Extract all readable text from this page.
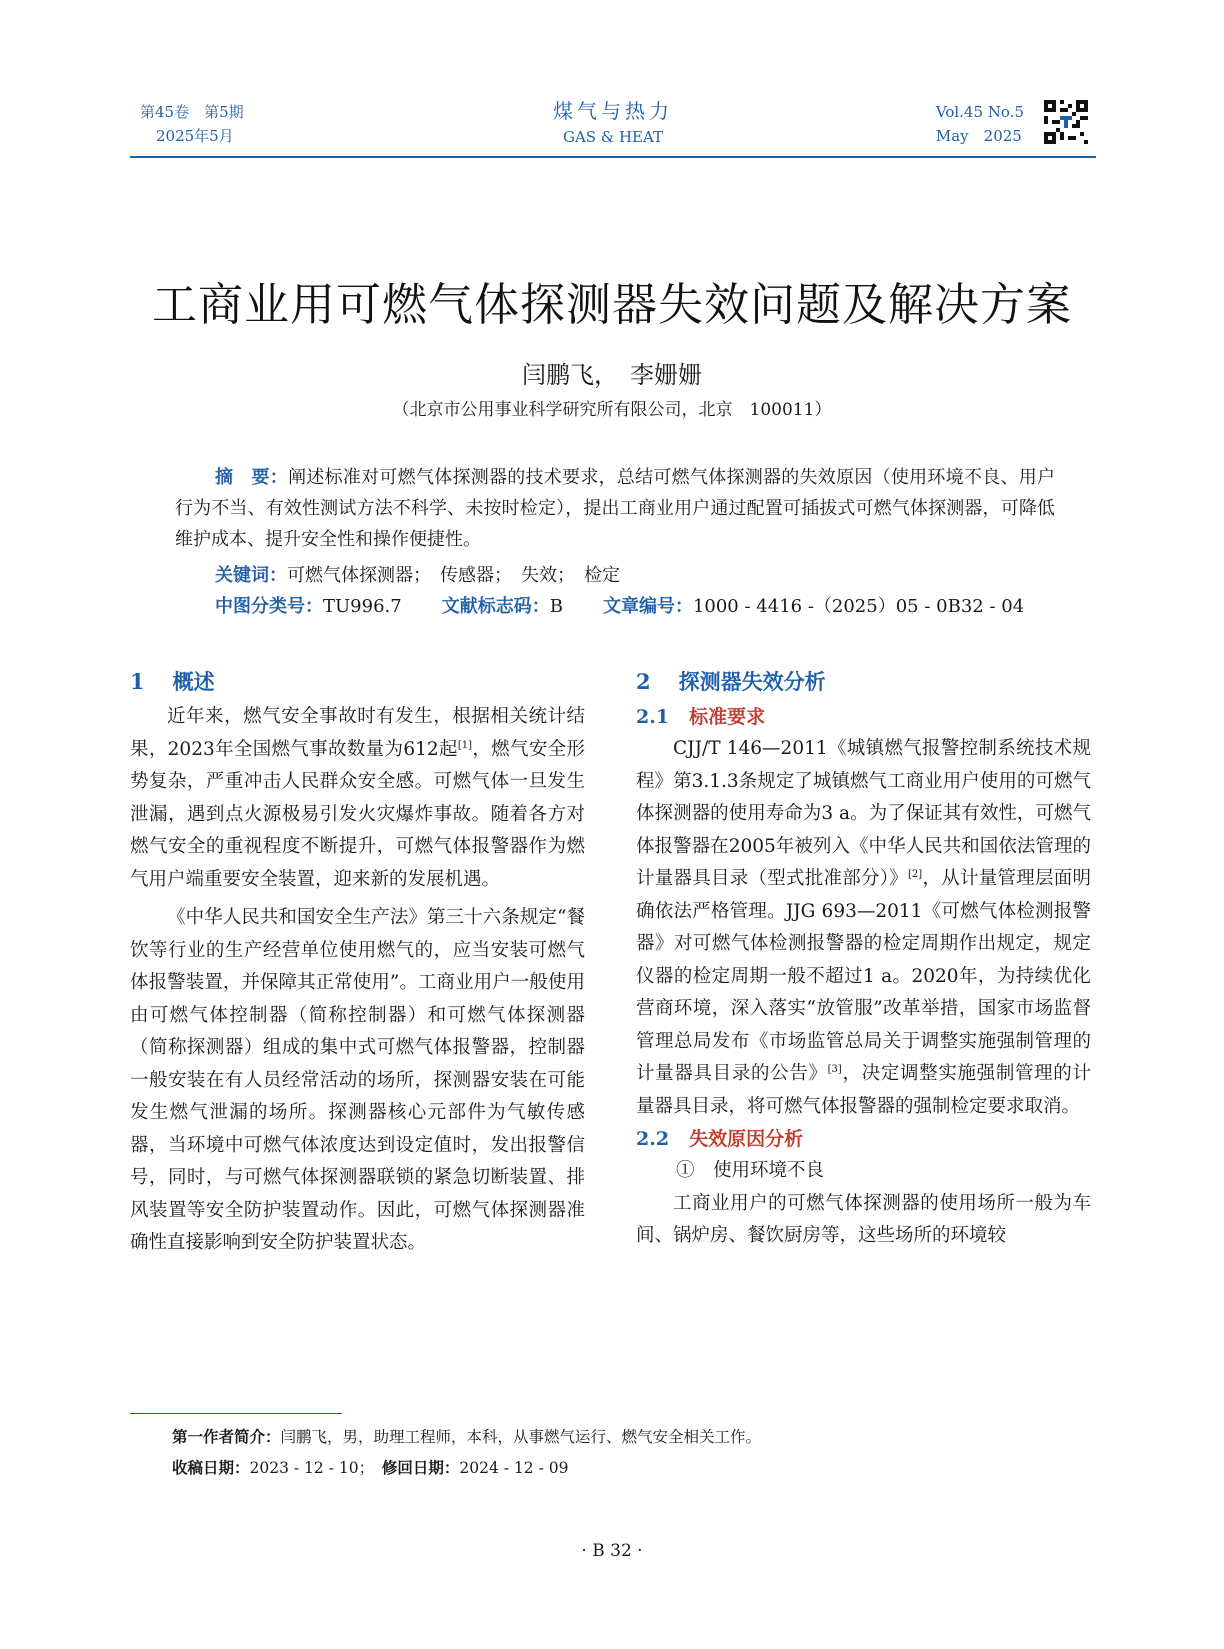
第45卷　第5期
2025年5月
煤气与热力
GAS & HEAT
Vol.45 No.5
May　2025
工商业用可燃气体探测器失效问题及解决方案
闫鹏飞，　李姗姗
（北京市公用事业科学研究所有限公司，北京　100011）
摘　要：阐述标准对可燃气体探测器的技术要求，总结可燃气体探测器的失效原因（使用环境不良、用户行为不当、有效性测试方法不科学、未按时检定），提出工商业用户通过配置可插拔式可燃气体探测器，可降低维护成本、提升安全性和操作便捷性。
关键词：可燃气体探测器；　传感器；　失效；　检定
中图分类号：TU996.7 文献标志码：B 文章编号：1000 - 4416 -（2025）05 - 0B32 - 04
1 概述

近年来，燃气安全事故时有发生，根据相关统计结果，2023年全国燃气事故数量为612起[1]，燃气安全形势复杂，严重冲击人民群众安全感。可燃气体一旦发生泄漏，遇到点火源极易引发火灾爆炸事故。随着各方对燃气安全的重视程度不断提升，可燃气体报警器作为燃气用户端重要安全装置，迎来新的发展机遇。

《中华人民共和国安全生产法》第三十六条规定“餐饮等行业的生产经营单位使用燃气的，应当安装可燃气体报警装置，并保障其正常使用”。工商业用户一般使用由可燃气体控制器（简称控制器）和可燃气体探测器（简称探测器）组成的集中式可燃气体报警器，控制器一般安装在有人员经常活动的场所，探测器安装在可能发生燃气泄漏的场所。探测器核心元部件为气敏传感器，当环境中可燃气体浓度达到设定值时，发出报警信号，同时，与可燃气体探测器联锁的紧急切断装置、排风装置等安全防护装置动作。因此，可燃气体探测器准确性直接影响到安全防护装置状态。

2 探测器失效分析
2.1 标准要求

CJJ/T 146—2011《城镇燃气报警控制系统技术规程》第3.1.3条规定了城镇燃气工商业用户使用的可燃气体探测器的使用寿命为3 a。为了保证其有效性，可燃气体报警器在2005年被列入《中华人民共和国依法管理的计量器具目录（型式批准部分）》[2]，从计量管理层面明确依法严格管理。JJG 693—2011《可燃气体检测报警器》对可燃气体检测报警器的检定周期作出规定，规定仪器的检定周期一般不超过1 a。2020年，为持续优化营商环境，深入落实“放管服”改革举措，国家市场监督管理总局发布《市场监管总局关于调整实施强制管理的计量器具目录的公告》[3]，决定调整实施强制管理的计量器具目录，将可燃气体报警器的强制检定要求取消。

2.2 失效原因分析

①　使用环境不良

工商业用户的可燃气体探测器的使用场所一般为车间、锅炉房、餐饮厨房等，这些场所的环境较

第一作者简介：闫鹏飞，男，助理工程师，本科，从事燃气运行、燃气安全相关工作。
收稿日期：2023 - 12 - 10；　 修回日期：2024 - 12 - 09
· B 32 ·
